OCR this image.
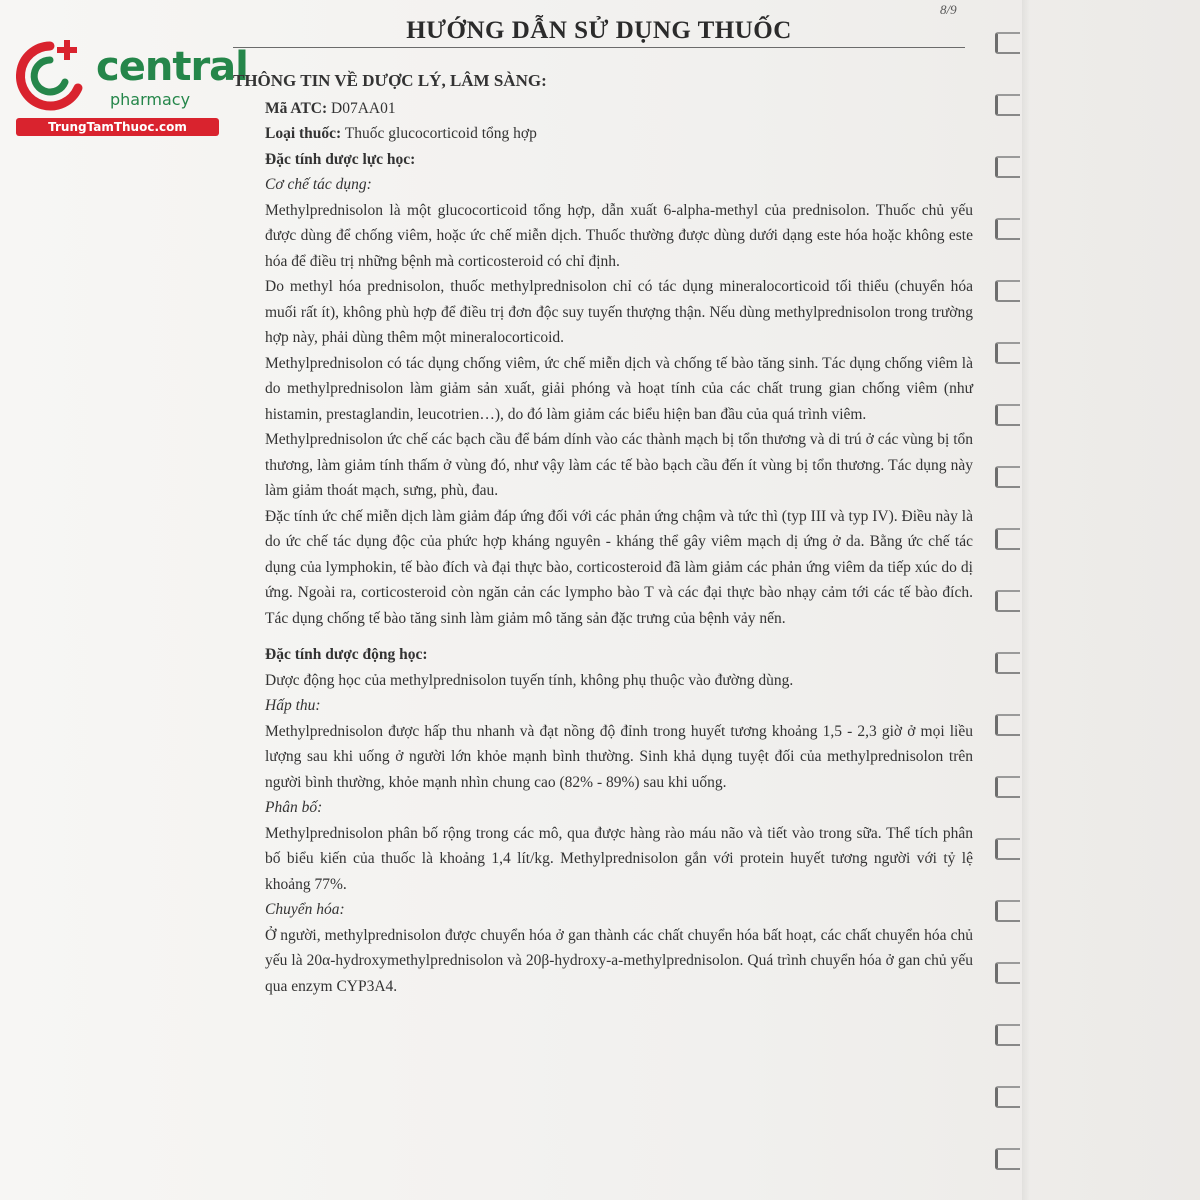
central

pharmacy

TrungTamThuoc.com

8/9

HƯỚNG DẪN SỬ DỤNG THUỐC

THÔNG TIN VỀ DƯỢC LÝ, LÂM SÀNG:

Mã ATC: D07AA01

Loại thuốc: Thuốc glucocorticoid tổng hợp

Đặc tính dược lực học:

Cơ chế tác dụng:

Methylprednisolon là một glucocorticoid tổng hợp, dẫn xuất 6-alpha-methyl của prednisolon. Thuốc chủ yếu được dùng để chống viêm, hoặc ức chế miễn dịch. Thuốc thường được dùng dưới dạng este hóa hoặc không este hóa để điều trị những bệnh mà corticosteroid có chỉ định.

Do methyl hóa prednisolon, thuốc methylprednisolon chỉ có tác dụng mineralocorticoid tối thiểu (chuyển hóa muối rất ít), không phù hợp để điều trị đơn độc suy tuyến thượng thận. Nếu dùng methylprednisolon trong trường hợp này, phải dùng thêm một mineralocorticoid.

Methylprednisolon có tác dụng chống viêm, ức chế miễn dịch và chống tế bào tăng sinh. Tác dụng chống viêm là do methylprednisolon làm giảm sản xuất, giải phóng và hoạt tính của các chất trung gian chống viêm (như histamin, prestaglandin, leucotrien…), do đó làm giảm các biểu hiện ban đầu của quá trình viêm.

Methylprednisolon ức chế các bạch cầu để bám dính vào các thành mạch bị tổn thương và di trú ở các vùng bị tổn thương, làm giảm tính thấm ở vùng đó, như vậy làm các tế bào bạch cầu đến ít vùng bị tổn thương. Tác dụng này làm giảm thoát mạch, sưng, phù, đau.

Đặc tính ức chế miễn dịch làm giảm đáp ứng đối với các phản ứng chậm và tức thì (typ III và typ IV). Điều này là do ức chế tác dụng độc của phức hợp kháng nguyên - kháng thể gây viêm mạch dị ứng ở da. Bằng ức chế tác dụng của lymphokin, tế bào đích và đại thực bào, corticosteroid đã làm giảm các phản ứng viêm da tiếp xúc do dị ứng. Ngoài ra, corticosteroid còn ngăn cản các lympho bào T và các đại thực bào nhạy cảm tới các tế bào đích. Tác dụng chống tế bào tăng sinh làm giảm mô tăng sản đặc trưng của bệnh vảy nến.

Đặc tính dược động học:

Dược động học của methylprednisolon tuyến tính, không phụ thuộc vào đường dùng.

Hấp thu:

Methylprednisolon được hấp thu nhanh và đạt nồng độ đỉnh trong huyết tương khoảng 1,5 - 2,3 giờ ở mọi liều lượng sau khi uống ở người lớn khỏe mạnh bình thường. Sinh khả dụng tuyệt đối của methylprednisolon trên người bình thường, khỏe mạnh nhìn chung cao (82% - 89%) sau khi uống.

Phân bố:

Methylprednisolon phân bố rộng trong các mô, qua được hàng rào máu não và tiết vào trong sữa. Thể tích phân bố biểu kiến của thuốc là khoảng 1,4 lít/kg. Methylprednisolon gắn với protein huyết tương người với tỷ lệ khoảng 77%.

Chuyển hóa:

Ở người, methylprednisolon được chuyển hóa ở gan thành các chất chuyển hóa bất hoạt, các chất chuyển hóa chủ yếu là 20α-hydroxymethylprednisolon và 20β-hydroxy-a-methylprednisolon. Quá trình chuyển hóa ở gan chủ yếu qua enzym CYP3A4.
